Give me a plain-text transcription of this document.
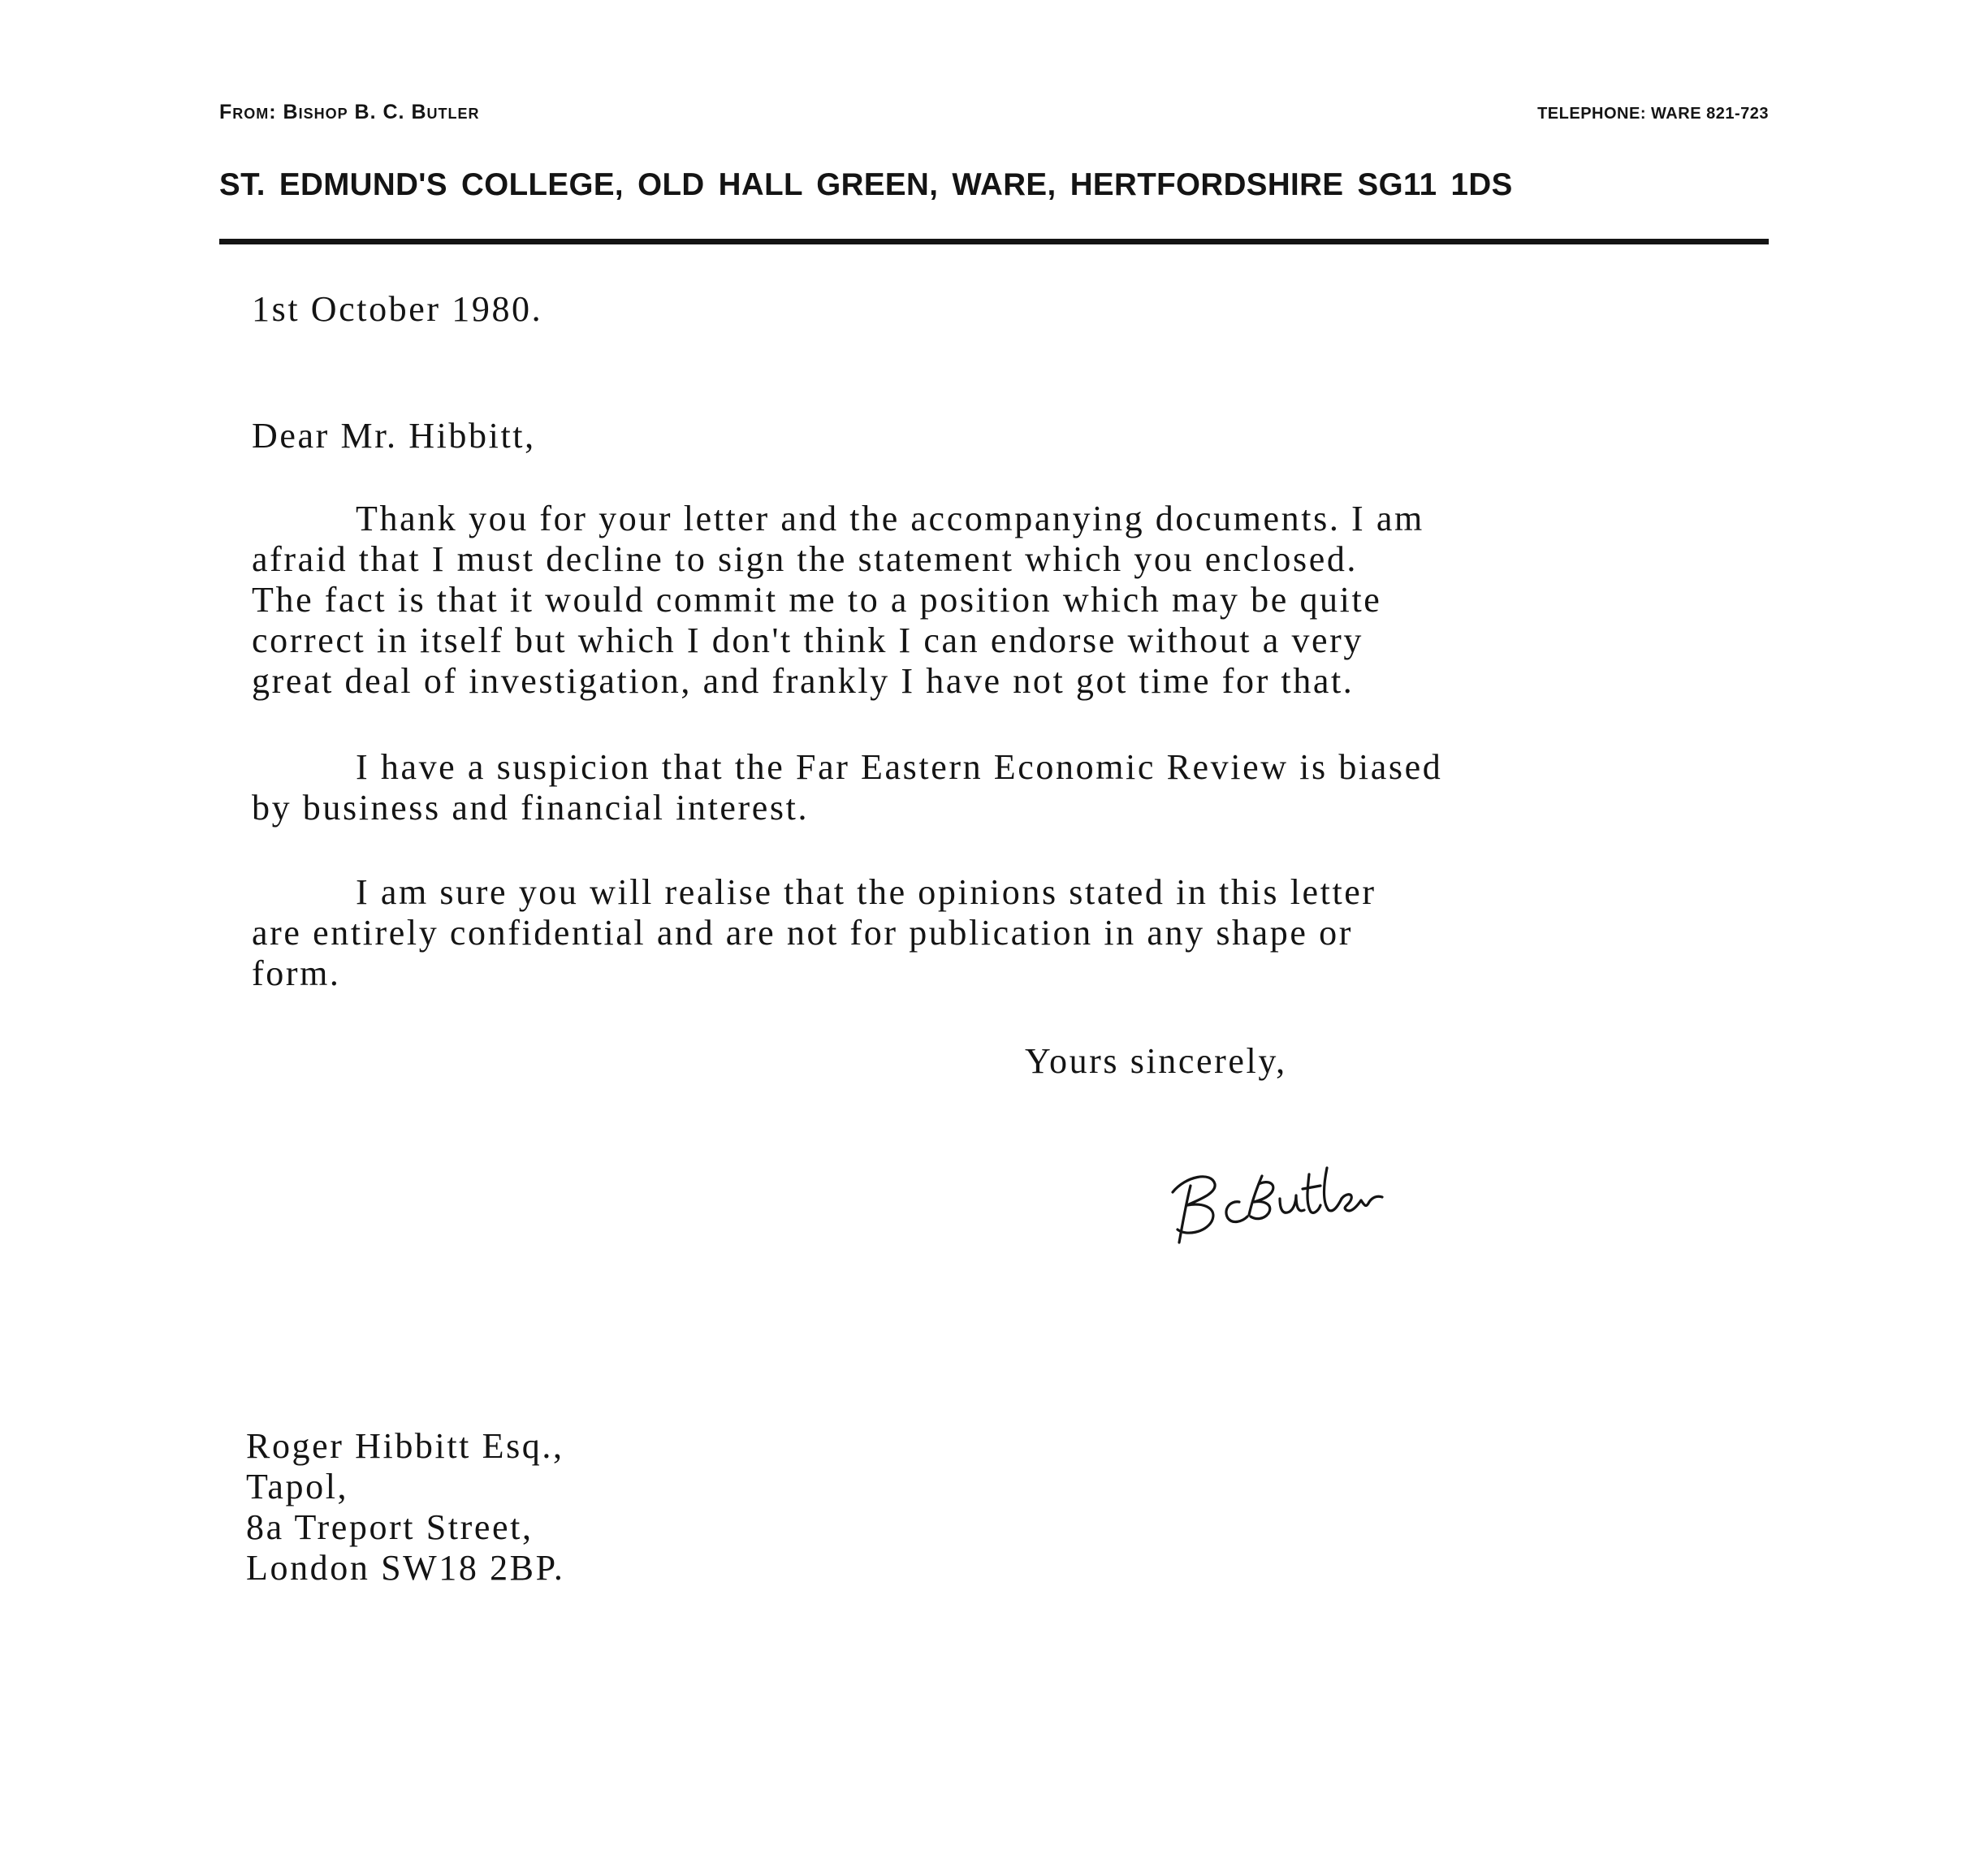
From: Bishop B. C. Butler	TELEPHONE: WARE 821-723
ST. EDMUND'S COLLEGE, OLD HALL GREEN, WARE, HERTFORDSHIRE SG11 1DS
1st October 1980.
Dear Mr. Hibbitt,
Thank you for your letter and the accompanying documents. I am
afraid that I must decline to sign the statement which you enclosed.
The fact is that it would commit me to a position which may be quite
correct in itself but which I don't think I can endorse without a very
great deal of investigation, and frankly I have not got time for that.
I have a suspicion that the Far Eastern Economic Review is biased
by business and financial interest.
I am sure you will realise that the opinions stated in this letter
are entirely confidential and are not for publication in any shape or
form.
Yours sincerely,
Roger Hibbitt Esq.,
Tapol,
8a Treport Street,
London SW18 2BP.
